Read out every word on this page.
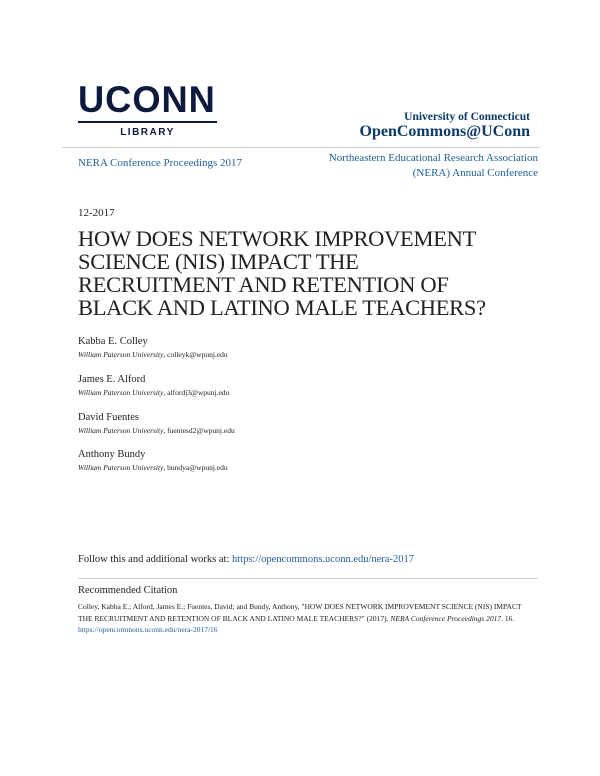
UCONN
LIBRARY
University of Connecticut
OpenCommons@UConn
NERA Conference Proceedings 2017	Northeastern Educational Research Association
(NERA) Annual Conference
12-2017
HOW DOES NETWORK IMPROVEMENT SCIENCE (NIS) IMPACT THE RECRUITMENT AND RETENTION OF BLACK AND LATINO MALE TEACHERS?
Kabba E. Colley
William Paterson University, colleyk@wpunj.edu
James E. Alford
William Paterson University, alfordj3@wpunj.edu
David Fuentes
William Paterson University, fuentesd2@wpunj.edu
Anthony Bundy
William Paterson University, bundya@wpunj.edu
Follow this and additional works at: https://opencommons.uconn.edu/nera-2017
Recommended Citation
Colley, Kabba E.; Alford, James E.; Fuentes, David; and Bundy, Anthony, "HOW DOES NETWORK IMPROVEMENT SCIENCE (NIS) IMPACT THE RECRUITMENT AND RETENTION OF BLACK AND LATINO MALE TEACHERS?" (2017). NERA Conference Proceedings 2017. 16.
https://opencommons.uconn.edu/nera-2017/16
